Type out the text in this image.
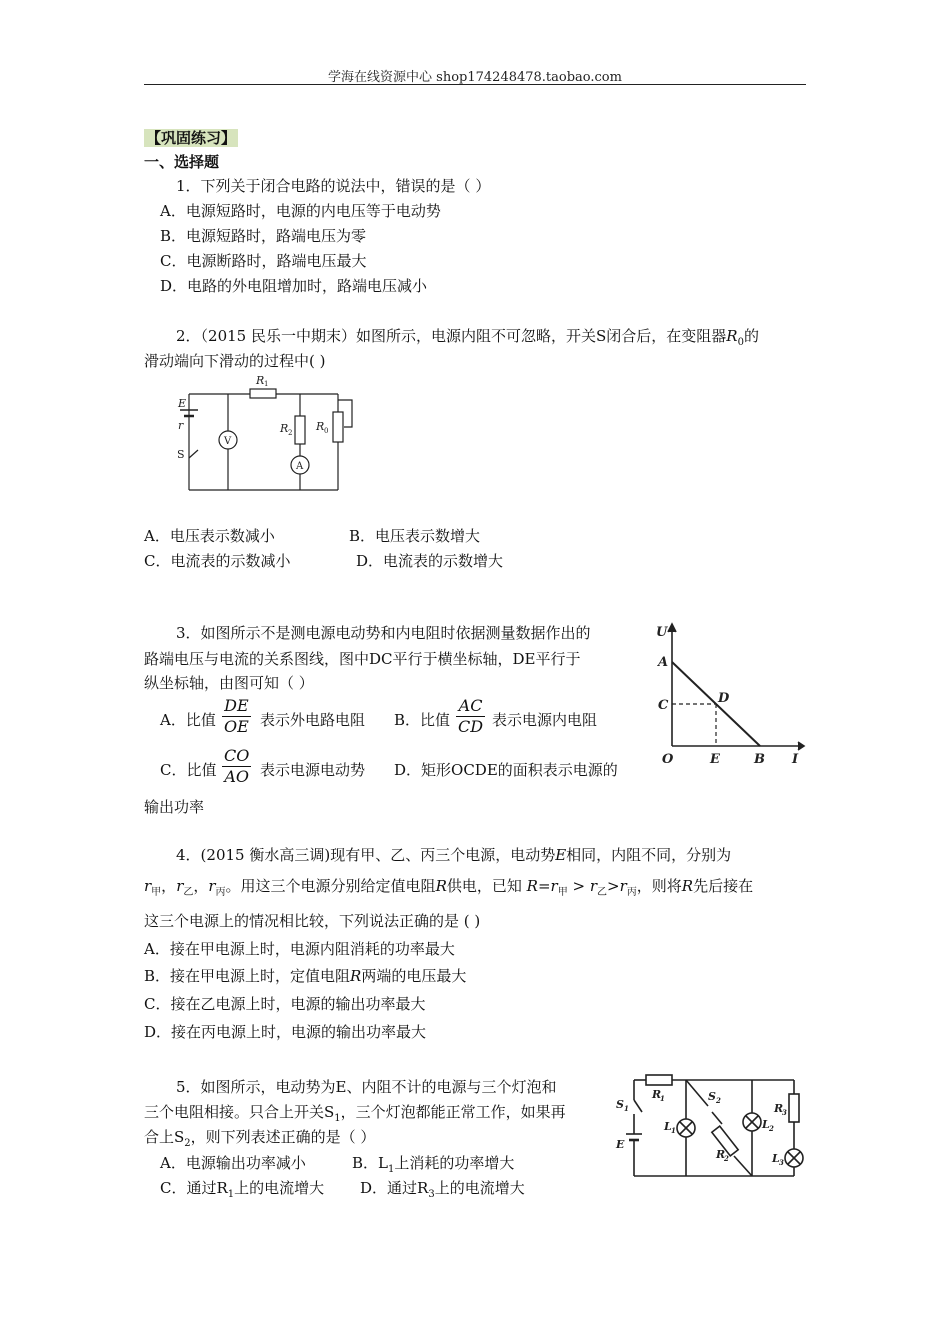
学海在线资源中心 shop174248478.taobao.com
【巩固练习】
一、选择题
1．下列关于闭合电路的说法中，错误的是（ ）
A．电源短路时，电源的内电压等于电动势
B．电源短路时，路端电压为零
C．电源断路时，路端电压最大
D．电路的外电阻增加时，路端电压减小
2．（2015 民乐一中期末）如图所示，电源内阻不可忽略，开关S闭合后，在变阻器$R_0$的
滑动端向下滑动的过程中( )
E
r
S
R 1
R 2 R 0
V
A
A．电压表示数减小	B．电压表示数增大
C．电流表的示数减小	D．电流表的示数增大
3．如图所示不是测电源电动势和内电阻时依据测量数据作出的
路端电压与电流的关系图线，图中DC平行于横坐标轴，DE平行于
纵坐标轴，由图可知（ ）
A．比值 $\frac{DE}{OE}$ 表示外电路电阻 B．比值 $\frac{AC}{CD}$ 表示电源内电阻
C．比值 $\frac{CO}{AO}$ 表示电源电动势 D．矩形OCDE的面积表示电源的
输出功率
U
I
A
C	D
O	E	B
4．(2015 衡水高三调)现有甲、乙、丙三个电源，电动势E相同，内阻不同，分别为
$r_甲$，$r_乙$，$r_丙$。用这三个电源分别给定值电阻R供电，已知 $R=r_甲 > r_乙>r_丙$，则将R先后接在
这三个电源上的情况相比较，下列说法正确的是 ( )
A．接在甲电源上时，电源内阻消耗的功率最大
B．接在甲电源上时，定值电阻R两端的电压最大
C．接在乙电源上时，电源的输出功率最大
D．接在丙电源上时，电源的输出功率最大
5．如图所示，电动势为E、内阻不计的电源与三个灯泡和
三个电阻相接。只合上开关$S_1$，三个灯泡都能正常工作，如果再
合上$S_2$，则下列表述正确的是（ ）
A．电源输出功率减小	B．$L_1$上消耗的功率增大
C．通过$R_1$上的电流增大 D．通过$R_3$上的电流增大
R
1
S 1
E
L 1
S 2
R
2
L 2
R
3
L 3
